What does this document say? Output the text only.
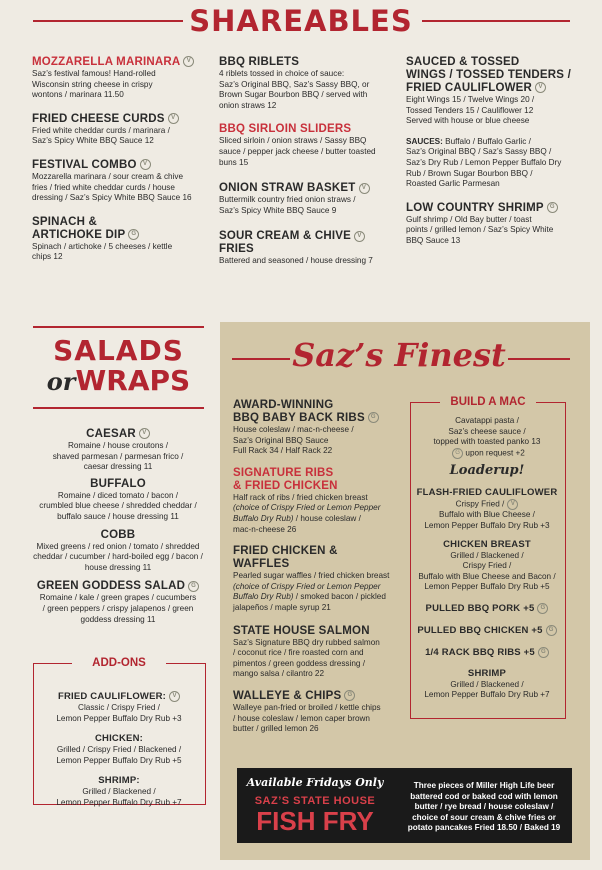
SHAREABLES
MOZZARELLA MARINARA V
Saz’s festival famous! Hand-rolled
Wisconsin string cheese in crispy
wontons / marinara 11.50
FRIED CHEESE CURDS V
Fried white cheddar curds / marinara /
Saz’s Spicy White BBQ Sauce 12
FESTIVAL COMBO V
Mozzarella marinara / sour cream & chive
fries / fried white cheddar curds / house
dressing / Saz’s Spicy White BBQ Sauce 16
SPINACH &
ARTICHOKE DIP G
Spinach / artichoke / 5 cheeses / kettle
chips 12
BBQ RIBLETS
4 riblets tossed in choice of sauce:
Saz’s Original BBQ, Saz’s Sassy BBQ, or
Brown Sugar Bourbon BBQ / served with
onion straws 12
BBQ SIRLOIN SLIDERS
Sliced sirloin / onion straws / Sassy BBQ
sauce / pepper jack cheese / butter toasted
buns 15
ONION STRAW BASKET V
Buttermilk country fried onion straws /
Saz’s Spicy White BBQ Sauce 9
SOUR CREAM & CHIVE V
FRIES
Battered and seasoned / house dressing 7
SAUCED & TOSSED
WINGS / TOSSED TENDERS /
FRIED CAULIFLOWER V
Eight Wings 15 / Twelve Wings 20 /
Tossed Tenders 15 / Cauliflower 12
Served with house or blue cheese
SAUCES: Buffalo / Buffalo Garlic /
Saz’s Original BBQ / Saz’s Sassy BBQ /
Saz’s Dry Rub / Lemon Pepper Buffalo Dry
Rub / Brown Sugar Bourbon BBQ /
Roasted Garlic Parmesan
LOW COUNTRY SHRIMP G
Gulf shrimp / Old Bay butter / toast
points / grilled lemon / Saz’s Spicy White
BBQ Sauce 13
SALADS
orWRAPS
CAESAR V
Romaine / house croutons /
shaved parmesan / parmesan frico /
caesar dressing 11
BUFFALO
Romaine / diced tomato / bacon /
crumbled blue cheese / shredded cheddar /
buffalo sauce / house dressing 11
COBB
Mixed greens / red onion / tomato / shredded
cheddar / cucumber / hard-boiled egg / bacon /
house dressing 11
GREEN GODDESS SALAD G
Romaine / kale / green grapes / cucumbers
/ green peppers / crispy jalapenos / green
goddess dressing 11
ADD-ONS
FRIED CAULIFLOWER: V
Classic / Crispy Fried /
Lemon Pepper Buffalo Dry Rub +3
CHICKEN:
Grilled / Crispy Fried / Blackened /
Lemon Pepper Buffalo Dry Rub +5
SHRIMP:
Grilled / Blackened /
Lemon Pepper Buffalo Dry Rub +7
Saz’s Finest
AWARD-WINNING
BBQ BABY BACK RIBS G
House coleslaw / mac-n-cheese /
Saz’s Original BBQ Sauce
Full Rack 34 / Half Rack 22
SIGNATURE RIBS
& FRIED CHICKEN
Half rack of ribs / fried chicken breast
(choice of Crispy Fried or Lemon Pepper
Buffalo Dry Rub) / house coleslaw /
mac-n-cheese 26
FRIED CHICKEN &
WAFFLES
Pearled sugar waffles / fried chicken breast
(choice of Crispy Fried or Lemon Pepper
Buffalo Dry Rub) / smoked bacon / pickled
jalapeños / maple syrup 21
STATE HOUSE SALMON
Saz’s Signature BBQ dry rubbed salmon
/ coconut rice / fire roasted corn and
pimentos / green goddess dressing /
mango salsa / cilantro 22
WALLEYE & CHIPS G
Walleye pan-fried or broiled / kettle chips
/ house coleslaw / lemon caper brown
butter / grilled lemon 26
BUILD A MAC
Cavatappi pasta /
Saz’s cheese sauce /
topped with toasted panko 13
G upon request +2
Loaderup!
FLASH-FRIED CAULIFLOWER
Crispy Fried / V
Buffalo with Blue Cheese /
Lemon Pepper Buffalo Dry Rub +3
CHICKEN BREAST
Grilled / Blackened /
Crispy Fried /
Buffalo with Blue Cheese and Bacon /
Lemon Pepper Buffalo Dry Rub +5
PULLED BBQ PORK +5 G
PULLED BBQ CHICKEN +5 G
1/4 RACK BBQ RIBS +5 G
SHRIMP
Grilled / Blackened /
Lemon Pepper Buffalo Dry Rub +7
Available Fridays Only
SAZ’S STATE HOUSE
FISH FRY
Three pieces of Miller High Life beer
battered cod or baked cod with lemon
butter / rye bread / house coleslaw /
choice of sour cream & chive fries or
potato pancakes Fried 18.50 / Baked 19
